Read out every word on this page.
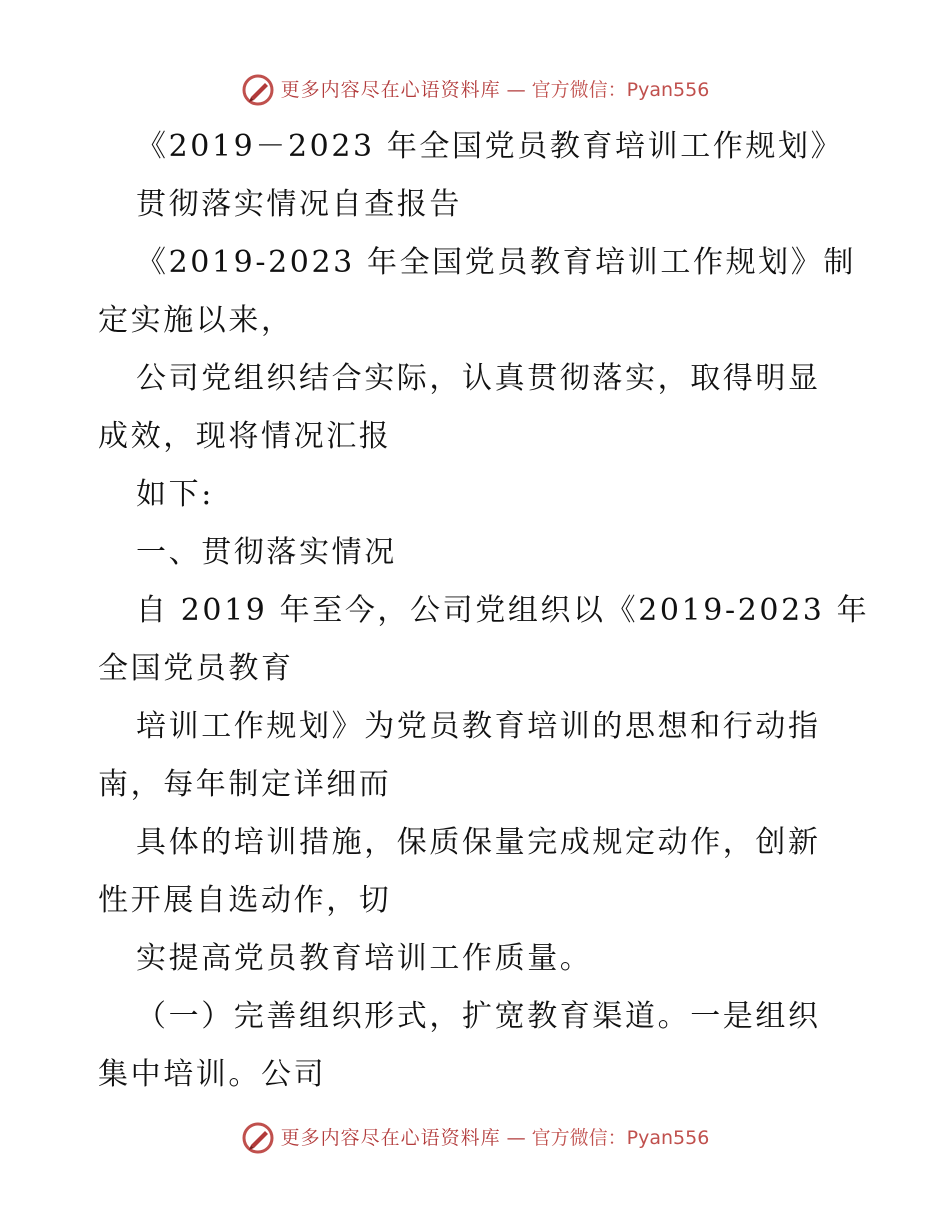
更多内容尽在心语资料库 — 官方微信：Pyan556
《2019－2023 年全国党员教育培训工作规划》
贯彻落实情况自查报告
《2019-2023 年全国党员教育培训工作规划》制
定实施以来，
公司党组织结合实际，认真贯彻落实，取得明显
成效，现将情况汇报
如下:
一、贯彻落实情况
自 2019 年至今，公司党组织以《2019-2023 年
全国党员教育
培训工作规划》为党员教育培训的思想和行动指
南，每年制定详细而
具体的培训措施，保质保量完成规定动作，创新
性开展自选动作，切
实提高党员教育培训工作质量。
（一）完善组织形式，扩宽教育渠道。一是组织
集中培训。公司
更多内容尽在心语资料库 — 官方微信：Pyan556
